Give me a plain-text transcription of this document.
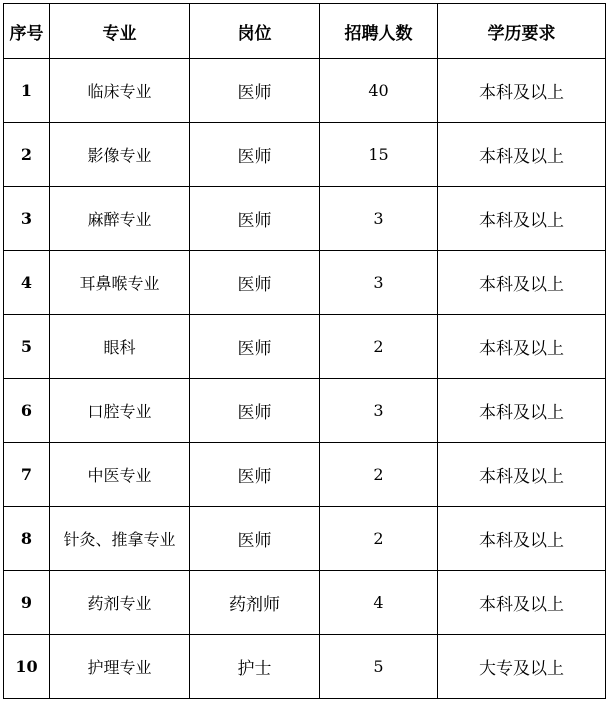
序号	专业	岗位	招聘人数	学历要求
1	临床专业	医师	40	本科及以上
2	影像专业	医师	15	本科及以上
3	麻醉专业	医师	3	本科及以上
4	耳鼻喉专业	医师	3	本科及以上
5	眼科	医师	2	本科及以上
6	口腔专业	医师	3	本科及以上
7	中医专业	医师	2	本科及以上
8	针灸、推拿专业	医师	2	本科及以上
9	药剂专业	药剂师	4	本科及以上
10	护理专业	护士	5	大专及以上
